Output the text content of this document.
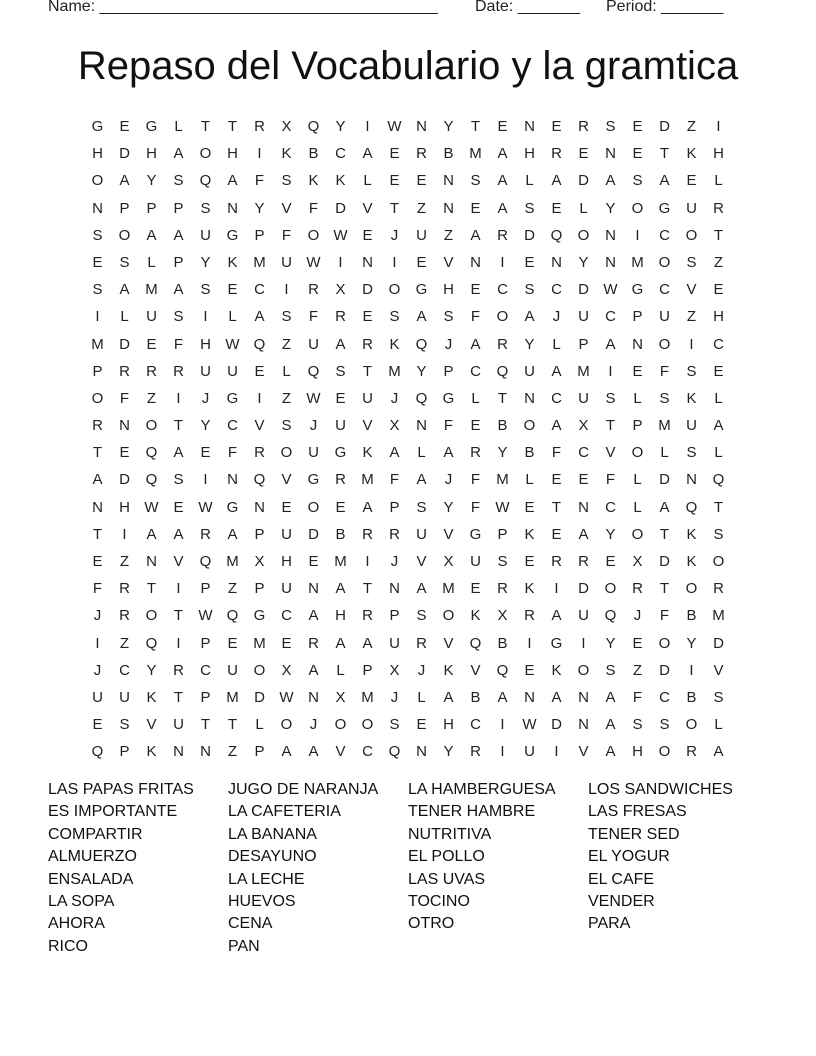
Name: ______________________________________ Date: _______ Period: _______
Repaso del Vocabulario y la gramtica
G	E	G	L	T	T	R	X	Q	Y	I	W N	Y	T	E	N	E	R	S	E	D	Z	I
H	D	H	A	O	H	I	K	B	C	A	E	R	B	M	A	H	R	E	N	E	T	K	H
O	A	Y	S	Q	A	F	S	K	K	L	E	E	N	S	A	L	A	D	A	S	A	E	L
N	P	P	P	S	N	Y	V	F	D	V	T	Z	N	E	A	S	E	L	Y	O	G	U	R
S	O	A	A	U	G	P	F	O W E	J	U	Z	A	R	D	Q	O	N	I	C	O	T
E	S	L	P	Y	K	M	U W	I	N	I	E	V	N	I	E	N	Y	N	M O	S	Z
S	A	M	A	S	E	C	I	R	X	D	O	G	H	E	C	S	C	D W G	C	V	E
I	L	U	S	I	L	A	S	F	R	E	S	A	S	F	O	A	J	U	C	P	U	Z	H
M	D	E	F	H W Q	Z	U	A	R	K	Q	J	A	R	Y	L	P	A	N	O	I	C
P	R	R	R	U	U	E	L	Q	S	T	M	Y	P	C	Q	U	A	M	I	E	F	S	E
O	F	Z	I	J	G	I	Z	W E	U	J	Q	G	L	T	N	C	U	S	L	S	K	L
R	N	O	T	Y	C	V	S	J	U	V	X	N	F	E	B	O	A	X	T	P	M	U	A
T	E	Q	A	E	F	R	O	U	G	K	A	L	A	R	Y	B	F	C	V	O	L	S	L
A	D	Q	S	I	N	Q	V	G	R	M	F	A	J	F	M	L	E	E	F	L	D	N	Q
N	H W E W G	N	E	O	E	A	P	S	Y	F	W E	T	N	C	L	A	Q	T
T	I	A	A	R	A	P	U	D	B	R	R	U	V	G	P	K	E	A	Y	O	T	K	S
E	Z	N	V	Q M	X	H	E	M	I	J	V	X	U	S	E	R	R	E	X	D	K	O
F	R	T	I	P	Z	P	U	N	A	T	N	A	M	E	R	K	I	D	O	R	T	O	R
J	R	O	T	W Q	G	C	A	H	R	P	S	O	K	X	R	A	U	Q	J	F	B	M
I	Z	Q	I	P	E	M	E	R	A	A	U	R	V	Q	B	I	G	I	Y	E	O	Y	D
J	C	Y	R	C	U	O	X	A	L	P	X	J	K	V	Q	E	K	O	S	Z	D	I	V
U	U	K	T	P	M	D W N	X	M	J	L	A	B	A	N	A	N	A	F	C	B	S
E	S	V	U	T	T	L	O	J	O	O	S	E	H	C	I	W D	N	A	S	S	O	L
Q	P	K	N	N	Z	P	A	A	V	C	Q	N	Y	R	I	U	I	V	A	H	O	R	A
LAS PAPAS FRITAS
ES IMPORTANTE
COMPARTIR
ALMUERZO
ENSALADA
LA SOPA
AHORA
RICO
JUGO DE NARANJA
LA CAFETERIA
LA BANANA
DESAYUNO
LA LECHE
HUEVOS
CENA
PAN
LA HAMBERGUESA
TENER HAMBRE
NUTRITIVA
EL POLLO
LAS UVAS
TOCINO
OTRO
LOS SANDWICHES
LAS FRESAS
TENER SED
EL YOGUR
EL CAFE
VENDER
PARA
